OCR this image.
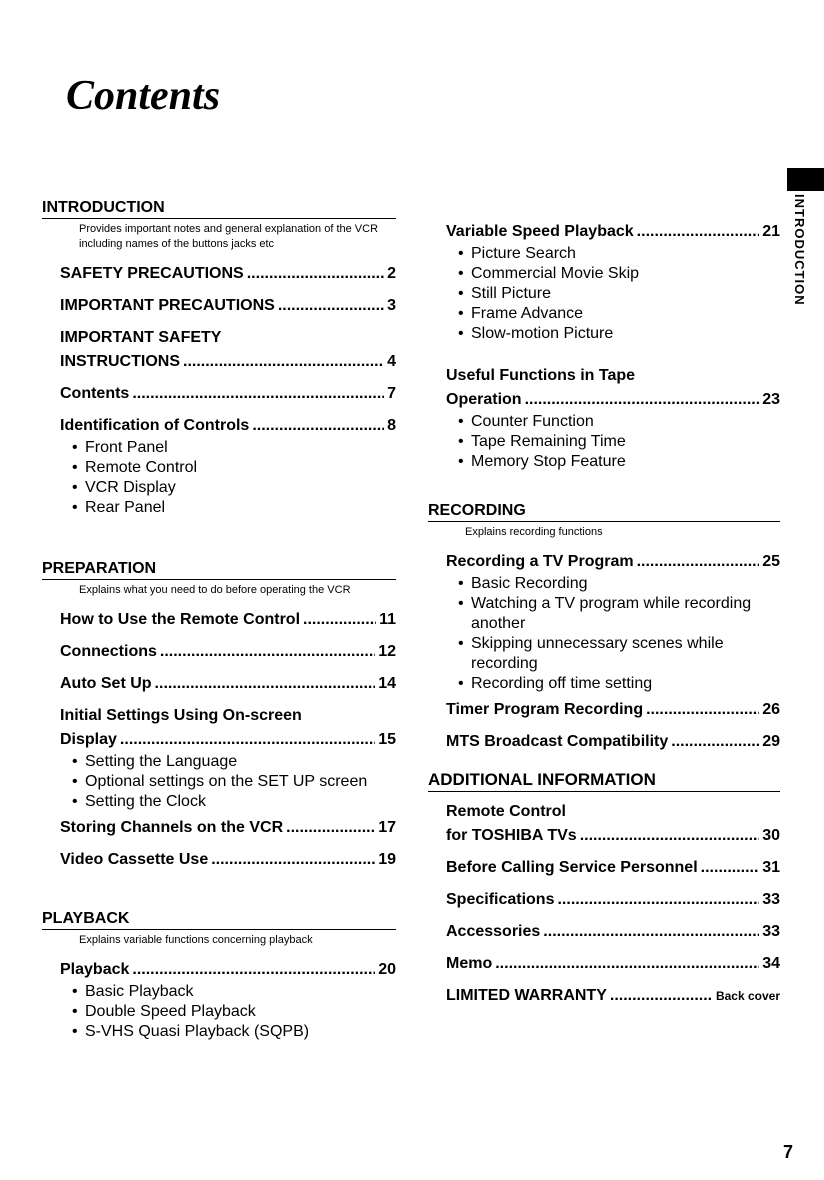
Contents
INTRODUCTION
INTRODUCTION
Provides important notes and general explanation of the VCR including names of the buttons jacks etc
SAFETY PRECAUTIONS .....	2
IMPORTANT PRECAUTIONS .....	3
IMPORTANT SAFETY
INSTRUCTIONS .....	4
Contents .....	7
Identification of Controls .....	8
• Front Panel
• Remote Control
• VCR Display
• Rear Panel
PREPARATION
Explains what you need to do before operating the VCR
How to Use the Remote Control .....	11
Connections .....	12
Auto Set Up .....	14
Initial Settings Using On-screen
Display .....	15
• Setting the Language
• Optional settings on the SET UP screen
• Setting the Clock
Storing Channels on the VCR .....	17
Video Cassette Use .....	19
PLAYBACK
Explains variable functions concerning playback
Playback .....	20
• Basic Playback
• Double Speed Playback
• S-VHS Quasi Playback (SQPB)
Variable Speed Playback .....	21
• Picture Search
• Commercial Movie Skip
• Still Picture
• Frame Advance
• Slow-motion Picture
Useful Functions in Tape
Operation .....	23
• Counter Function
• Tape Remaining Time
• Memory Stop Feature
RECORDING
Explains recording functions
Recording a TV Program .....	25
• Basic Recording
• Watching a TV program while recording another
• Skipping unnecessary scenes while recording
• Recording off time setting
Timer Program Recording .....	26
MTS Broadcast Compatibility .....	29
ADDITIONAL INFORMATION
Remote Control
for TOSHIBA TVs .....	30
Before Calling Service Personnel .....	31
Specifications .....	33
Accessories .....	33
Memo .....	34
LIMITED WARRANTY .....	Back cover
7
